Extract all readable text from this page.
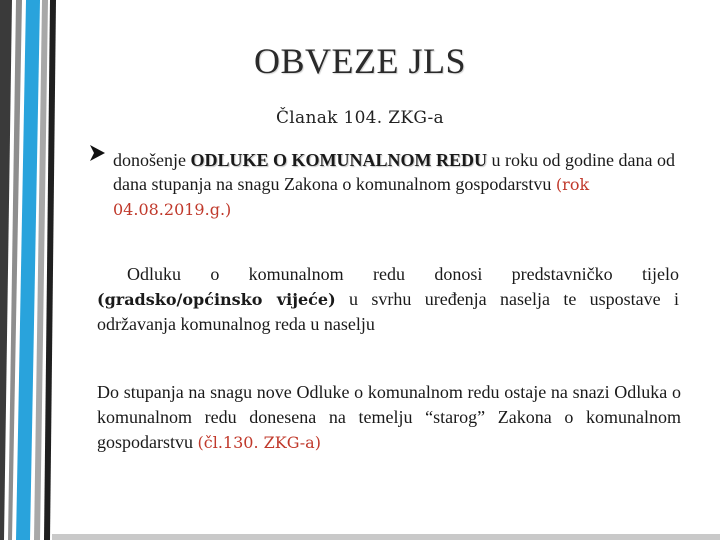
OBVEZE JLS
Članak 104. ZKG-a
donošenje ODLUKE O KOMUNALNOM REDU u roku od godine dana od dana stupanja na snagu Zakona o komunalnom gospodarstvu (rok 04.08.2019.g.)
Odluku o komunalnom redu donosi predstavničko tijelo (gradsko/općinsko vijeće) u svrhu uređenja naselja te uspostave i održavanja komunalnog reda u naselju
Do stupanja na snagu nove Odluke o komunalnom redu ostaje na snazi Odluka o komunalnom redu donesena na temelju “starog” Zakona o komunalnom gospodarstvu (čl.130. ZKG-a)
